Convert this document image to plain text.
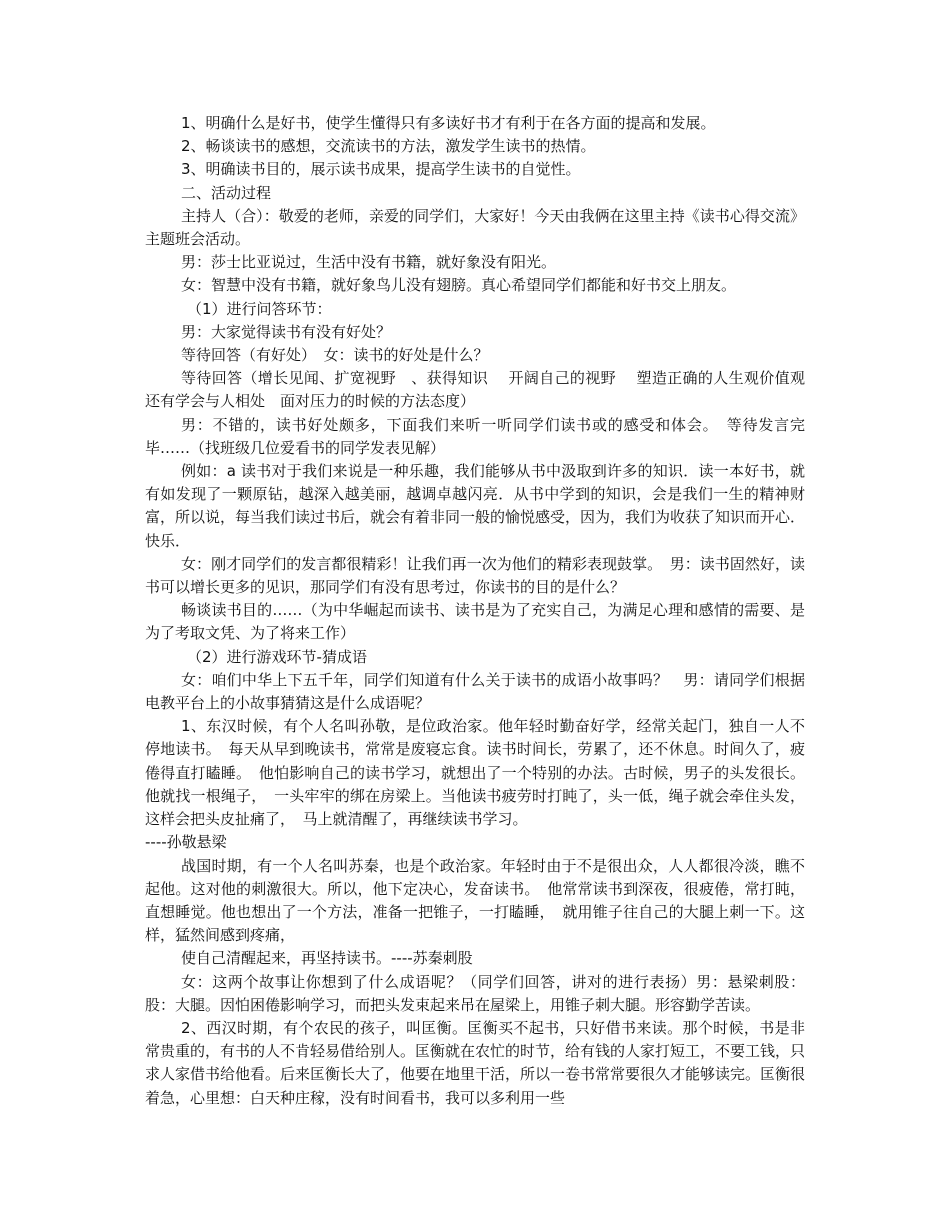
1、明确什么是好书，使学生懂得只有多读好书才有利于在各方面的提高和发展。

2、畅谈读书的感想，交流读书的方法，激发学生读书的热情。

3、明确读书目的，展示读书成果，提高学生读书的自觉性。

二、活动过程

主持人（合）：敬爱的老师，亲爱的同学们，大家好！今天由我俩在这里主持《读书心得交流》主题班会活动。

男：莎士比亚说过，生活中没有书籍，就好象没有阳光。

女：智慧中没有书籍，就好象鸟儿没有翅膀。真心希望同学们都能和好书交上朋友。

（1）进行问答环节：

男：大家觉得读书有没有好处？

等待回答（有好处）　女：读书的好处是什么？

等待回答（增长见闻、扩宽视野　、获得知识　 开阔自己的视野　 塑造正确的人生观价值观　 还有学会与人相处　面对压力的时候的方法态度）

男：不错的，读书好处颇多，下面我们来听一听同学们读书或的感受和体会。　等待发言完毕……（找班级几位爱看书的同学发表见解）

例如：a 读书对于我们来说是一种乐趣，我们能够从书中汲取到许多的知识．读一本好书，就有如发现了一颗原钻，越深入越美丽，越调卓越闪亮．从书中学到的知识，会是我们一生的精神财富，所以说，每当我们读过书后，就会有着非同一般的愉悦感受，因为，我们为收获了知识而开心．快乐．

女：刚才同学们的发言都很精彩！让我们再一次为他们的精彩表现鼓掌。　男：读书固然好，读书可以增长更多的见识，那同学们有没有思考过，你读书的目的是什么？

畅谈读书目的……（为中华崛起而读书、读书是为了充实自己，为满足心理和感情的需要、是为了考取文凭、为了将来工作）

（2）进行游戏环节-猜成语

女：咱们中华上下五千年，同学们知道有什么关于读书的成语小故事吗？　男：请同学们根据电教平台上的小故事猜猜这是什么成语呢？

1、东汉时候，有个人名叫孙敬，是位政治家。他年轻时勤奋好学，经常关起门，独自一人不停地读书。　每天从早到晚读书，常常是废寝忘食。读书时间长，劳累了，还不休息。时间久了，疲倦得直打瞌睡。　他怕影响自己的读书学习，就想出了一个特别的办法。古时候，男子的头发很长。他就找一根绳子，　一头牢牢的绑在房梁上。当他读书疲劳时打盹了，头一低，绳子就会牵住头发，这样会把头皮扯痛了，　马上就清醒了，再继续读书学习。

----孙敬悬梁

战国时期，有一个人名叫苏秦，也是个政治家。年轻时由于不是很出众，人人都很冷淡，瞧不起他。这对他的刺激很大。所以，他下定决心，发奋读书。　他常常读书到深夜，很疲倦，常打盹，直想睡觉。他也想出了一个方法，准备一把锥子，一打瞌睡，　就用锥子往自己的大腿上刺一下。这样，猛然间感到疼痛，

使自己清醒起来，再坚持读书。----苏秦刺股

女：这两个故事让你想到了什么成语呢？（同学们回答，讲对的进行表扬）男：悬梁刺股：股：大腿。因怕困倦影响学习，而把头发束起来吊在屋梁上，用锥子刺大腿。形容勤学苦读。

2、西汉时期，有个农民的孩子，叫匡衡。匡衡买不起书，只好借书来读。那个时候，书是非常贵重的，有书的人不肯轻易借给别人。匡衡就在农忙的时节，给有钱的人家打短工，不要工钱，只求人家借书给他看。后来匡衡长大了，他要在地里干活，所以一卷书常常要很久才能够读完。匡衡很着急，心里想：白天种庄稼，没有时间看书，我可以多利用一些
